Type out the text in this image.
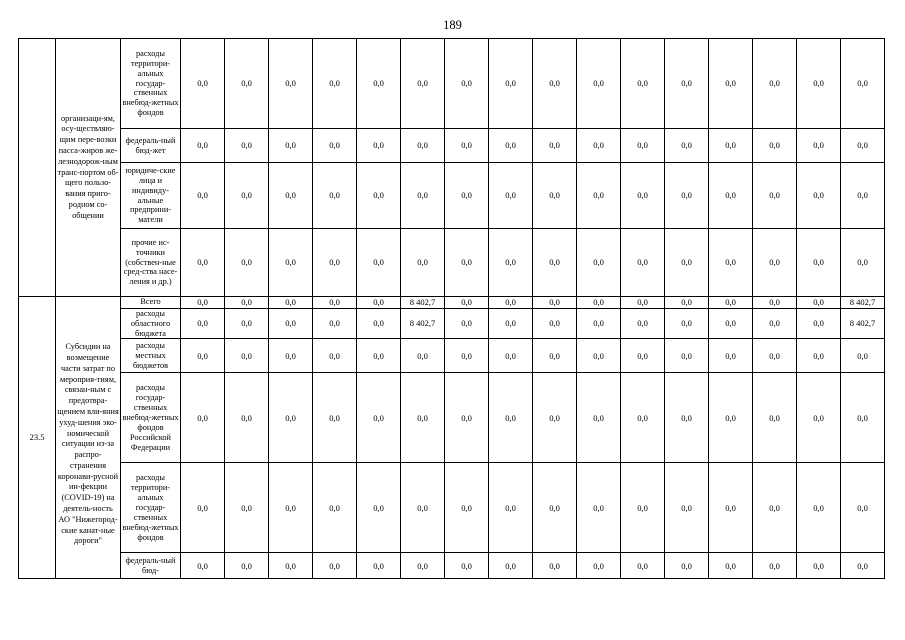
189
	организаци-ям, осу-ществляю-щим пере-возки пасса-жиров же-лезнодорож-ным транс-портом об-щего пользо-вания приго-родном со-общении	расходы территори-альных государ-ственных внебюд-жетных фондов	0,0	0,0	0,0	0,0	0,0	0,0	0,0	0,0	0,0	0,0	0,0	0,0	0,0	0,0	0,0	0,0
		федераль-ный бюд-жет	0,0	0,0	0,0	0,0	0,0	0,0	0,0	0,0	0,0	0,0	0,0	0,0	0,0	0,0	0,0	0,0
		юридиче-ские лица и индивиду-альные предприни-матели	0,0	0,0	0,0	0,0	0,0	0,0	0,0	0,0	0,0	0,0	0,0	0,0	0,0	0,0	0,0	0,0
		прочие ис-точники (собствен-ные сред-ства насе-ления и др.)	0,0	0,0	0,0	0,0	0,0	0,0	0,0	0,0	0,0	0,0	0,0	0,0	0,0	0,0	0,0	0,0
23.5	Субсидии на возмещение части затрат по мероприя-тиям, связан-ным с предотвра-щением вли-яния ухуд-шения эко-номической ситуации из-за распро-странения коронави-русной ин-фекции (COVID-19) на деятель-ность АО "Нижегород-ские канат-ные дороги"	Всего	0,0	0,0	0,0	0,0	0,0	8 402,7	0,0	0,0	0,0	0,0	0,0	0,0	0,0	0,0	0,0	8 402,7
		расходы областного бюджета	0,0	0,0	0,0	0,0	0,0	8 402,7	0,0	0,0	0,0	0,0	0,0	0,0	0,0	0,0	0,0	8 402,7
		расходы местных бюджетов	0,0	0,0	0,0	0,0	0,0	0,0	0,0	0,0	0,0	0,0	0,0	0,0	0,0	0,0	0,0	0,0
		расходы государ-ственных внебюд-жетных фондов Российской Федерации	0,0	0,0	0,0	0,0	0,0	0,0	0,0	0,0	0,0	0,0	0,0	0,0	0,0	0,0	0,0	0,0
		расходы территори-альных государ-ственных внебюд-жетных фондов	0,0	0,0	0,0	0,0	0,0	0,0	0,0	0,0	0,0	0,0	0,0	0,0	0,0	0,0	0,0	0,0
		федераль-ный бюд-	0,0	0,0	0,0	0,0	0,0	0,0	0,0	0,0	0,0	0,0	0,0	0,0	0,0	0,0	0,0	0,0
